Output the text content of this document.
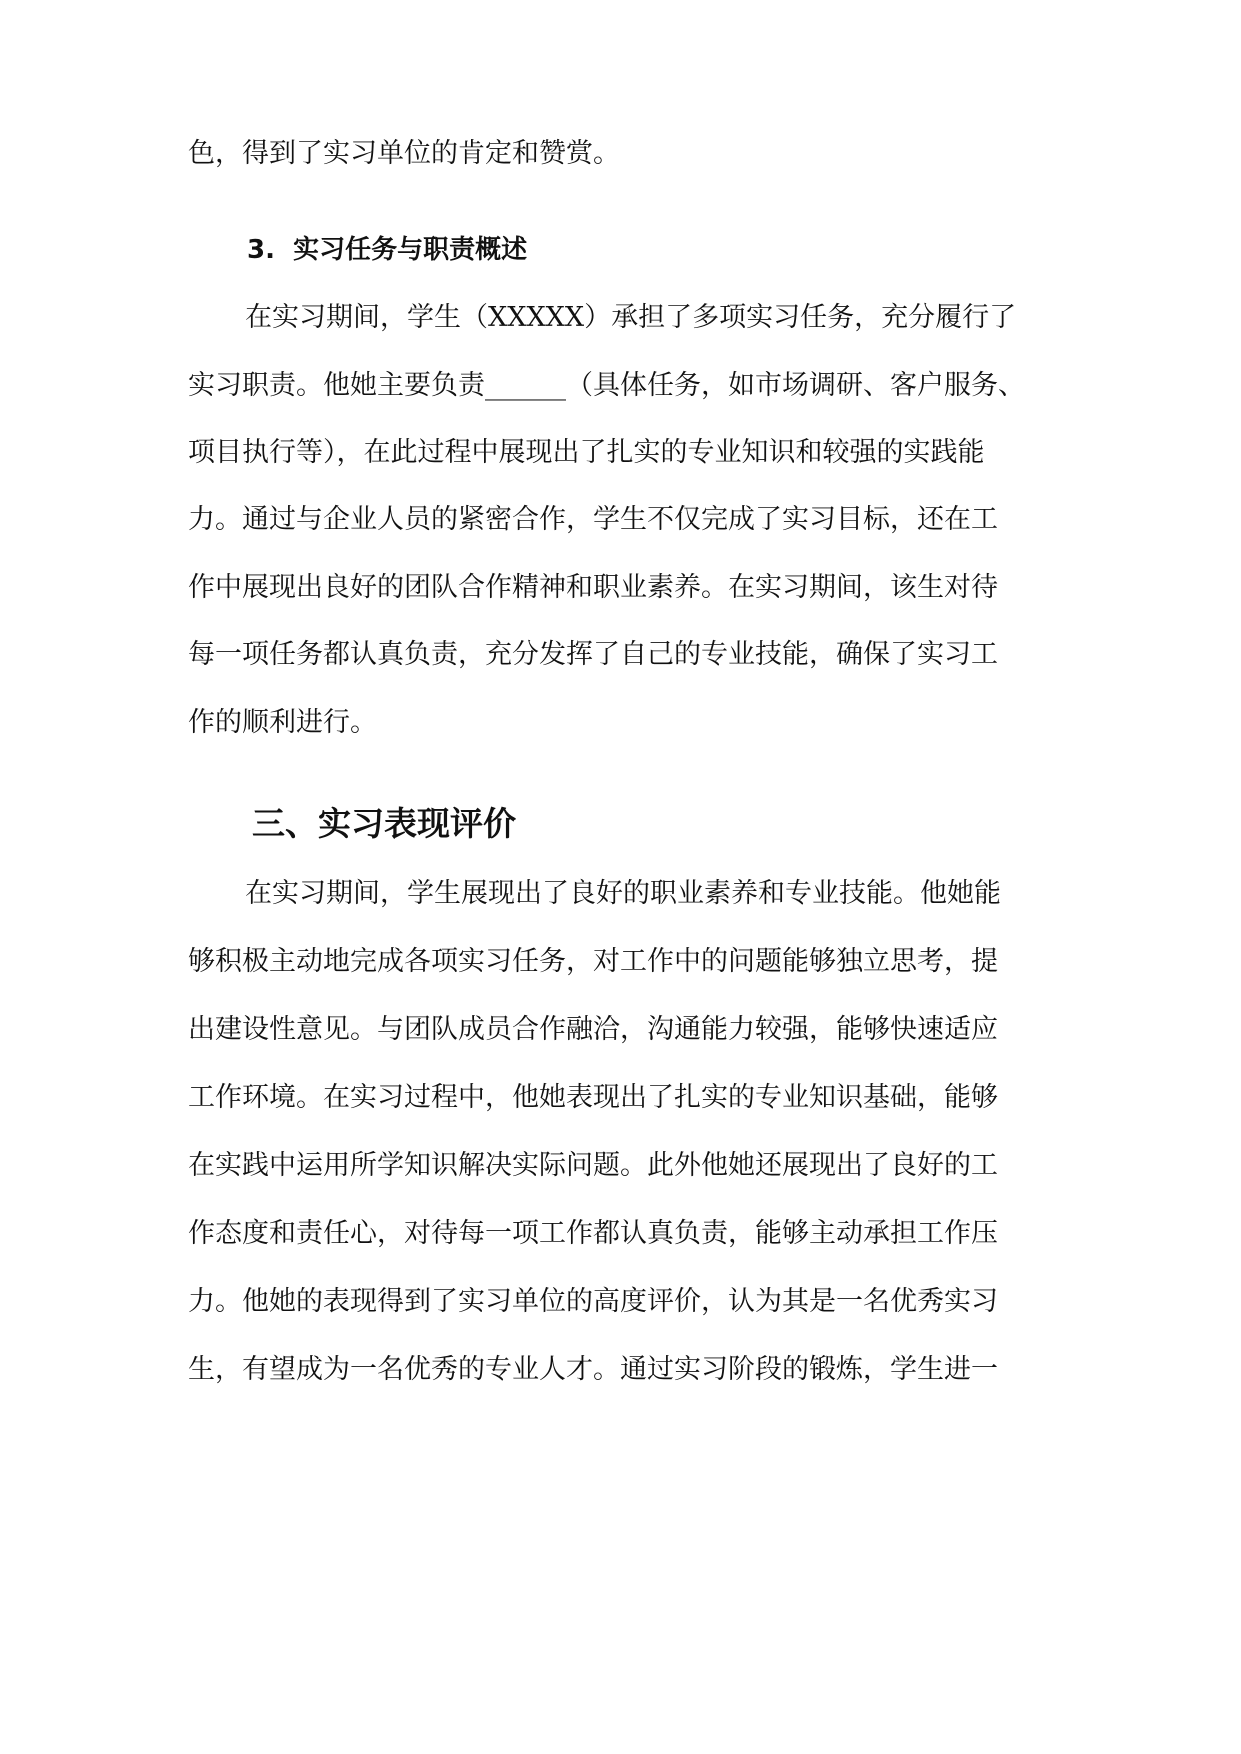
色，得到了实习单位的肯定和赞赏。
3.  实习任务与职责概述
在实习期间，学生（XXXXX）承担了多项实习任务，充分履行了
实习职责。他她主要负责______（具体任务，如市场调研、客户服务、
项目执行等），在此过程中展现出了扎实的专业知识和较强的实践能
力。通过与企业人员的紧密合作，学生不仅完成了实习目标，还在工
作中展现出良好的团队合作精神和职业素养。在实习期间，该生对待
每一项任务都认真负责，充分发挥了自己的专业技能，确保了实习工
作的顺利进行。
三、实习表现评价
在实习期间，学生展现出了良好的职业素养和专业技能。他她能
够积极主动地完成各项实习任务，对工作中的问题能够独立思考，提
出建设性意见。与团队成员合作融洽，沟通能力较强，能够快速适应
工作环境。在实习过程中，他她表现出了扎实的专业知识基础，能够
在实践中运用所学知识解决实际问题。此外他她还展现出了良好的工
作态度和责任心，对待每一项工作都认真负责，能够主动承担工作压
力。他她的表现得到了实习单位的高度评价，认为其是一名优秀实习
生，有望成为一名优秀的专业人才。通过实习阶段的锻炼，学生进一
